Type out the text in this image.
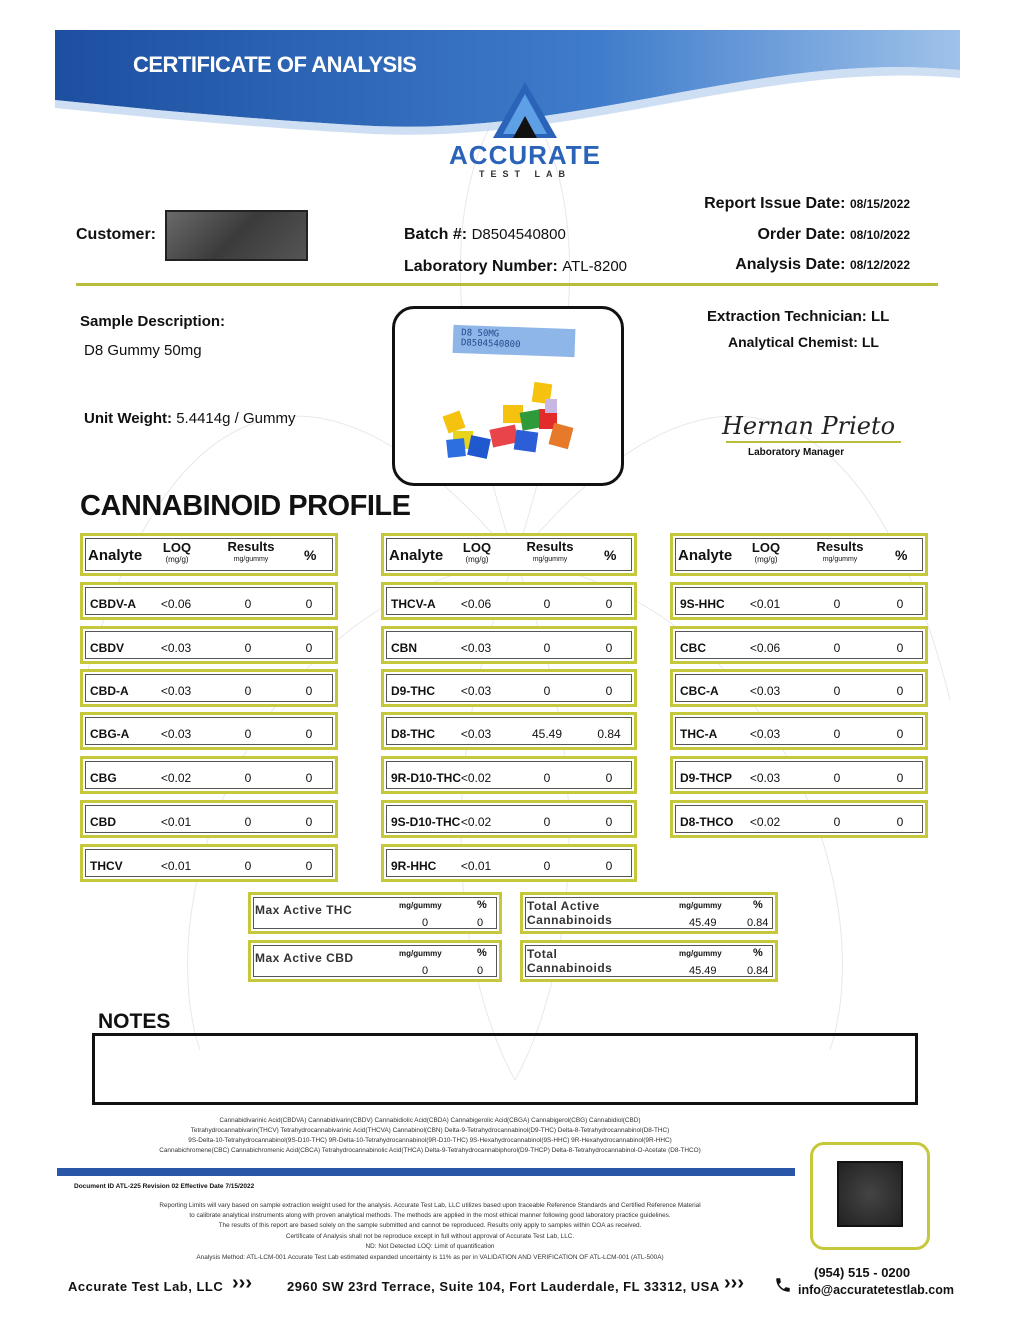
CERTIFICATE OF ANALYSIS
ACCURATE
TEST LAB
Customer:	Batch #: D8504540800
Laboratory Number: ATL-8200
Report Issue Date: 08/15/2022
Order Date: 08/10/2022
Analysis Date: 08/12/2022
Sample Description:
D8 Gummy 50mg
Unit Weight: 5.4414g / Gummy
D8 50MG
D8504540800
Extraction Technician: LL
Analytical Chemist: LL
Hernan Prieto
Laboratory Manager
CANNABINOID PROFILE
Analyte	LOQ
(mg/g)
Results
mg/gummy	%
CBDV-A	<0.06	0	0
CBDV	<0.03	0	0
CBD-A	<0.03	0	0
CBG-A	<0.03	0	0
CBG	<0.02	0	0
CBD	<0.01	0	0
THCV	<0.01	0	0
Analyte	LOQ
(mg/g)
Results
mg/gummy	%
THCV-A	<0.06	0	0
CBN	<0.03	0	0
D9-THC	<0.03	0	0
D8-THC	<0.03	45.49	0.84
9R-D10-THC <0.02	0	0
9S-D10-THC <0.02	0	0
9R-HHC	<0.01	0	0
Analyte	LOQ
(mg/g)
Results
mg/gummy	%
9S-HHC	<0.01	0	0
CBC	<0.06	0	0
CBC-A	<0.03	0	0
THC-A	<0.03	0	0
D9-THCP	<0.03	0	0
D8-THCO	<0.02	0	0
Max Active THC	mg/gummy	%
0	0
Max Active CBD	mg/gummy	%
0	0
Total Active
Cannabinoids
mg/gummy	%
45.49	0.84
Total
Cannabinoids
mg/gummy	%
45.49	0.84
NOTES
Cannabidivarinic Acid(CBDVA) Cannabidivarin(CBDV) Cannabidiolic Acid(CBDA) Cannabigerolic Acid(CBGA) Cannabigerol(CBG) Cannabidiol(CBD)
Tetrahydrocannabivarin(THCV) Tetrahydrocannabivarinic Acid(THCVA) Cannabinol(CBN) Delta-9-Tetrahydrocannabinol(D9-THC) Delta-8-Tetrahydrocannabinol(D8-THC)
9S-Delta-10-Tetrahydrocannabinol(9S-D10-THC) 9R-Delta-10-Tetrahydrocannabinol(9R-D10-THC) 9S-Hexahydrocannabinol(9S-HHC) 9R-Hexahydrocannabinol(9R-HHC)
Cannabichromene(CBC) Cannabichromenic Acid(CBCA) Tetrahydrocannabinolic Acid(THCA) Delta-9-Tetrahydrocannabiphorol(D9-THCP) Delta-8-Tetrahydrocannabinol-O-Acetate (D8-THCO)
Document ID ATL-225 Revision 02 Effective Date 7/15/2022
Reporting Limits will vary based on sample extraction weight used for the analysis. Accurate Test Lab, LLC utilizes based upon traceable Reference Standards and Certified Reference Material
to calibrate analytical instruments along with proven analytical methods. The methods are applied in the most ethical manner following good laboratory practice guidelines.
The results of this report are based solely on the sample submitted and cannot be reproduced. Results only apply to samples within COA as received.
Certificate of Analysis shall not be reproduce except in full without approval of Accurate Test Lab, LLC.
ND: Not Detected LOQ: Limit of quantification
Analysis Method: ATL-LCM-001 Accurate Test Lab estimated expanded uncertainty is 11% as per in VALIDATION AND VERIFICATION OF ATL-LCM-001 (ATL-500A)
Accurate Test Lab, LLC ›››	2960 SW 23rd Terrace, Suite 104, Fort Lauderdale, FL 33312, USA ›››	(954) 515 - 0200
info@accuratetestlab.com
